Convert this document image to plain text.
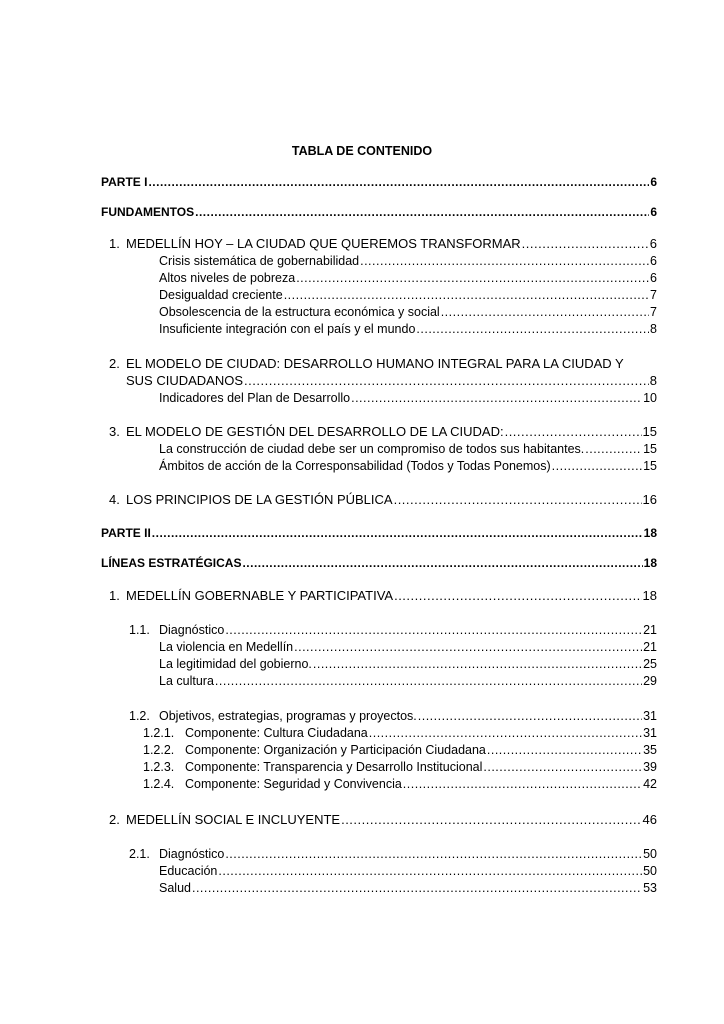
TABLA DE CONTENIDO
PARTE I .....	6
FUNDAMENTOS .....	6
1. MEDELLÍN HOY – LA CIUDAD QUE QUEREMOS TRANSFORMAR .....	6
Crisis sistemática de gobernabilidad .....	6
Altos niveles de pobreza .....	6
Desigualdad creciente .....	7
Obsolescencia de la estructura económica y social .....	7
Insuficiente integración con el país y el mundo .....	8
2. EL MODELO DE CIUDAD: DESARROLLO HUMANO INTEGRAL PARA LA CIUDAD Y
SUS CIUDADANOS .....	8
Indicadores del Plan de Desarrollo .....	10
3. EL MODELO DE GESTIÓN DEL DESARROLLO DE LA CIUDAD: .....	15
La construcción de ciudad debe ser un compromiso de todos sus habitantes. .....	15
Ámbitos de acción de la Corresponsabilidad (Todos y Todas Ponemos) .....	15
4. LOS PRINCIPIOS DE LA GESTIÓN PÚBLICA .....	16
PARTE II .....	18
LÍNEAS ESTRATÉGICAS .....	18
1. MEDELLÍN GOBERNABLE Y PARTICIPATIVA .....	18
1.1. Diagnóstico .....	21
La violencia en Medellín .....	21
La legitimidad del gobierno. .....	25
La cultura .....	29
1.2. Objetivos, estrategias, programas y proyectos. .....	31
1.2.1. Componente: Cultura Ciudadana .....	31
1.2.2. Componente: Organización y Participación Ciudadana .....	35
1.2.3. Componente: Transparencia y Desarrollo Institucional .....	39
1.2.4. Componente: Seguridad y Convivencia .....	42
2. MEDELLÍN SOCIAL E INCLUYENTE .....	46
2.1. Diagnóstico .....	50
Educación .....	50
Salud .....	53
